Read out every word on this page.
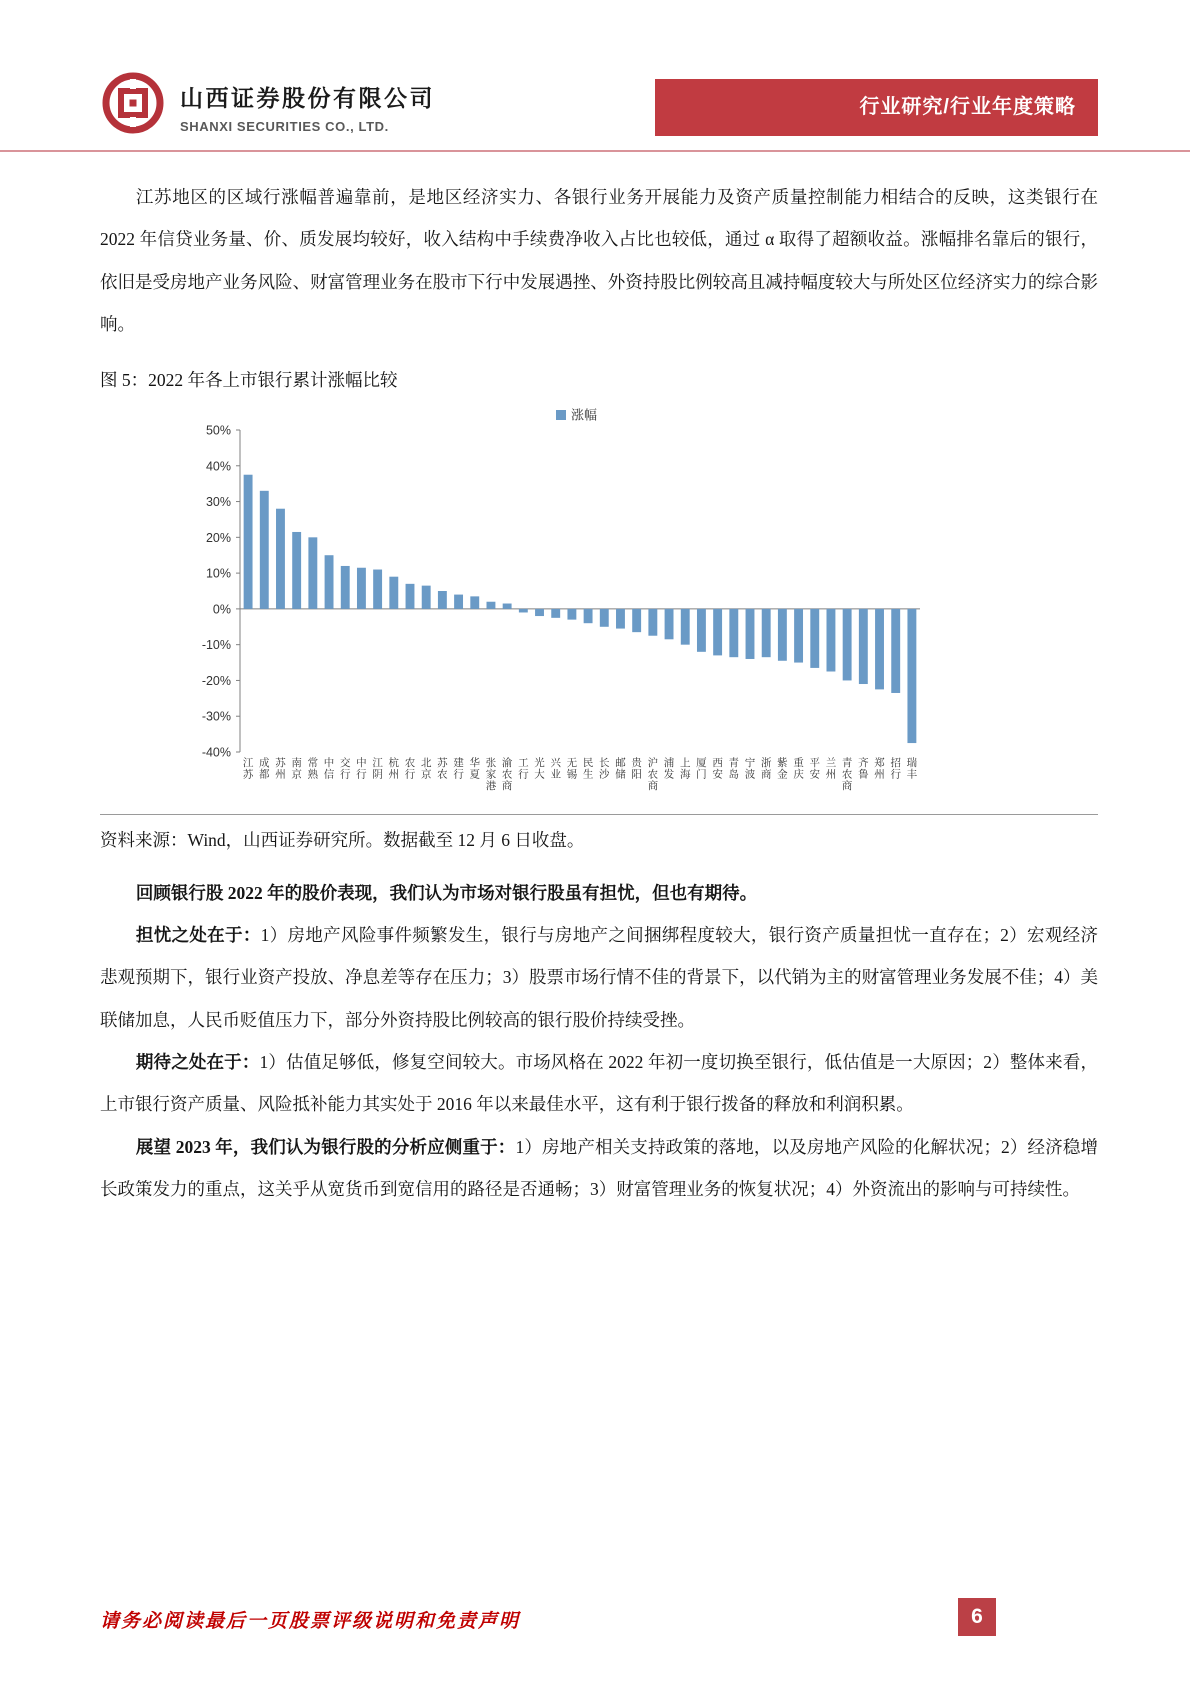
山西证券股份有限公司
SHANXI SECURITIES CO., LTD.
行业研究/行业年度策略

江苏地区的区域行涨幅普遍靠前，是地区经济实力、各银行业务开展能力及资产质量控制能力相结合的反映，这类银行在 2022 年信贷业务量、价、质发展均较好，收入结构中手续费净收入占比也较低，通过 α 取得了超额收益。涨幅排名靠后的银行，依旧是受房地产业务风险、财富管理业务在股市下行中发展遇挫、外资持股比例较高且减持幅度较大与所处区位经济实力的综合影响。

图 5：2022 年各上市银行累计涨幅比较
50%
40%
30%
20%
10%
0%
-10%
-20%
-30%
-40%
江苏
成都
苏州
南京
常熟
中信
交行
中行
江阴
杭州
农行
北京
苏农
建行
华夏
张家港
渝农商
工行
光大
兴业
无锡
民生
长沙
邮储
贵阳
沪农商
浦发
上海
厦门
西安
青岛
宁波
浙商
紫金
重庆
平安
兰州
青农商
齐鲁
郑州
招行
瑞丰
涨幅

资料来源：Wind，山西证券研究所。数据截至 12 月 6 日收盘。

回顾银行股 2022 年的股价表现，我们认为市场对银行股虽有担忧，但也有期待。

担忧之处在于：1）房地产风险事件频繁发生，银行与房地产之间捆绑程度较大，银行资产质量担忧一直存在；2）宏观经济悲观预期下，银行业资产投放、净息差等存在压力；3）股票市场行情不佳的背景下，以代销为主的财富管理业务发展不佳；4）美联储加息，人民币贬值压力下，部分外资持股比例较高的银行股价持续受挫。

期待之处在于：1）估值足够低，修复空间较大。市场风格在 2022 年初一度切换至银行，低估值是一大原因；2）整体来看，上市银行资产质量、风险抵补能力其实处于 2016 年以来最佳水平，这有利于银行拨备的释放和利润积累。

展望 2023 年，我们认为银行股的分析应侧重于：1）房地产相关支持政策的落地，以及房地产风险的化解状况；2）经济稳增长政策发力的重点，这关乎从宽货币到宽信用的路径是否通畅；3）财富管理业务的恢复状况；4）外资流出的影响与可持续性。

请务必阅读最后一页股票评级说明和免责声明	6
